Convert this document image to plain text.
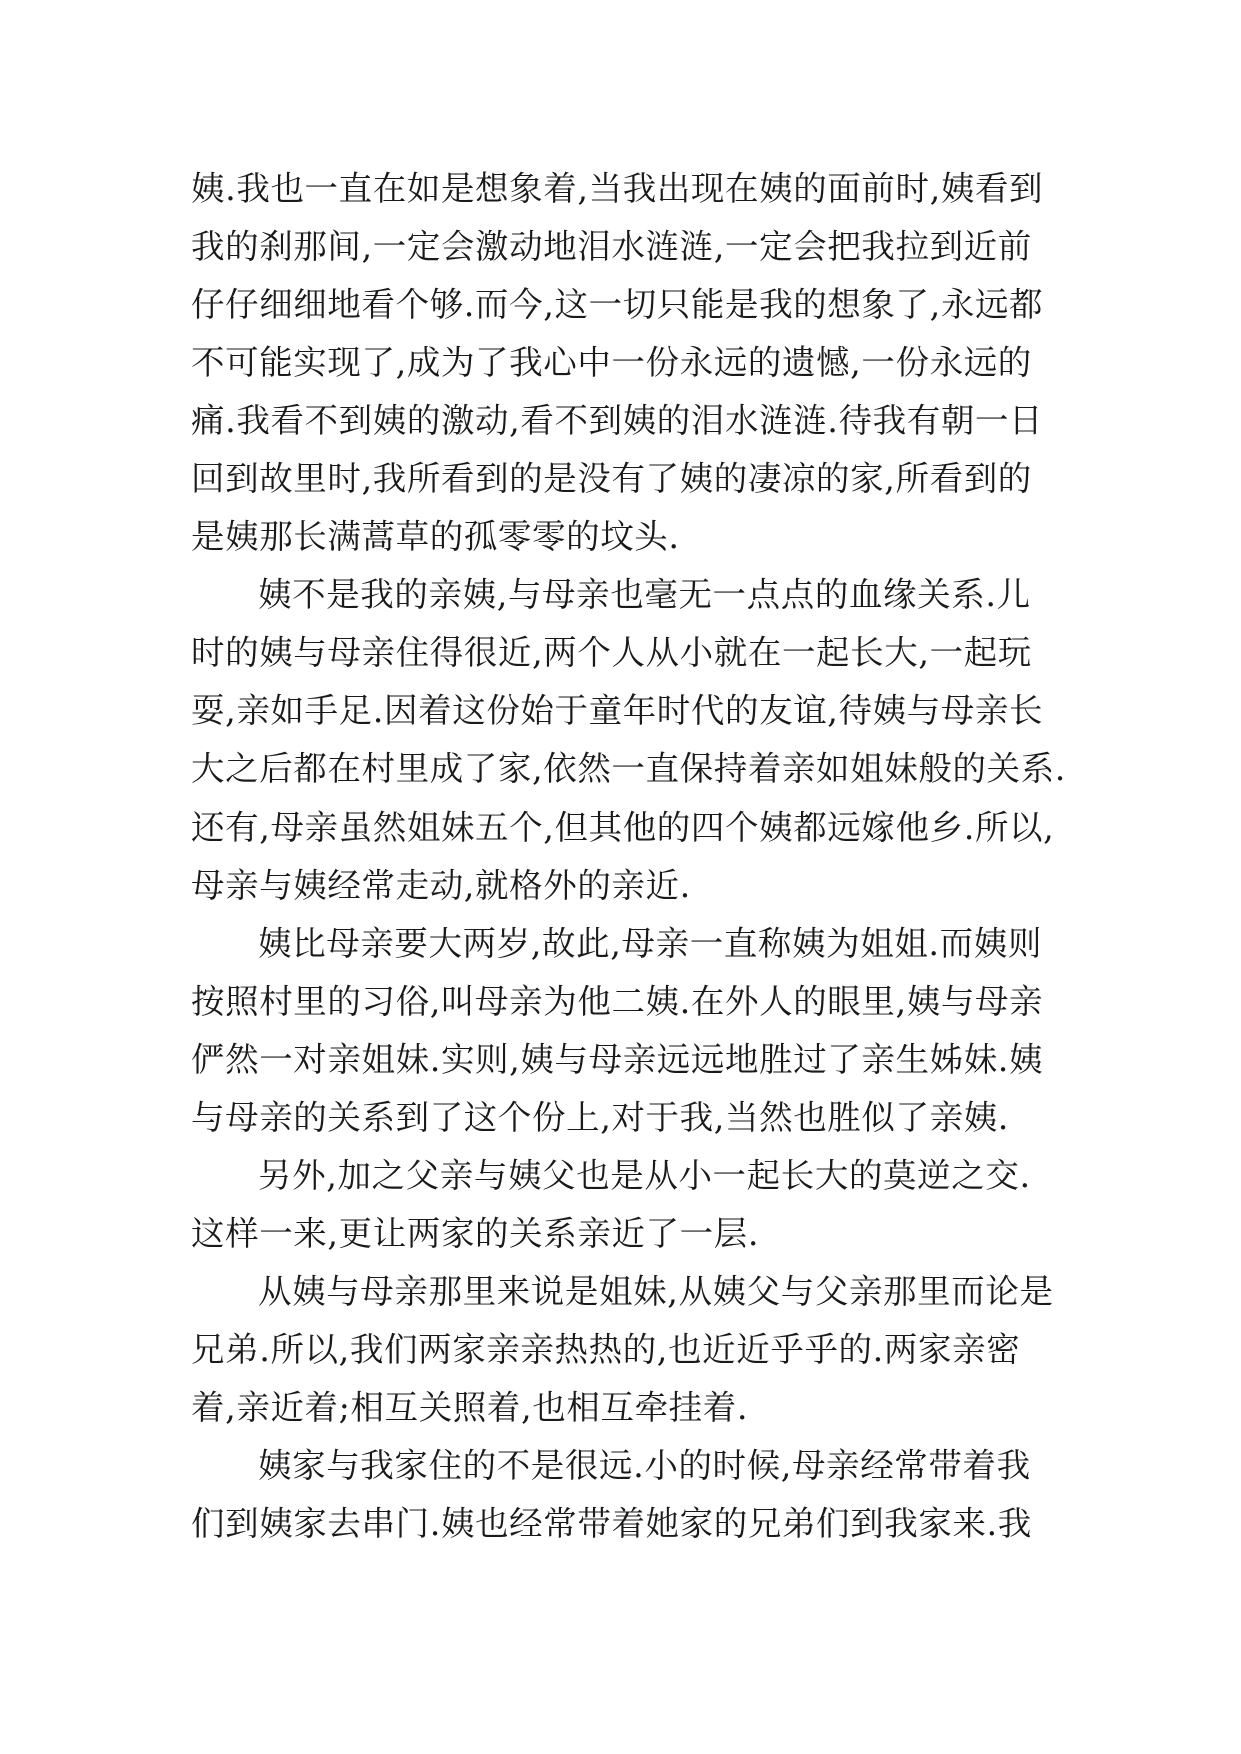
姨.我也一直在如是想象着,当我出现在姨的面前时,姨看到
我的刹那间,一定会激动地泪水涟涟,一定会把我拉到近前
仔仔细细地看个够.而今,这一切只能是我的想象了,永远都
不可能实现了,成为了我心中一份永远的遗憾,一份永远的
痛.我看不到姨的激动,看不到姨的泪水涟涟.待我有朝一日
回到故里时,我所看到的是没有了姨的凄凉的家,所看到的
是姨那长满蒿草的孤零零的坟头.
姨不是我的亲姨,与母亲也毫无一点点的血缘关系.儿
时的姨与母亲住得很近,两个人从小就在一起长大,一起玩
耍,亲如手足.因着这份始于童年时代的友谊,待姨与母亲长
大之后都在村里成了家,依然一直保持着亲如姐妹般的关系.
还有,母亲虽然姐妹五个,但其他的四个姨都远嫁他乡.所以,
母亲与姨经常走动,就格外的亲近.
姨比母亲要大两岁,故此,母亲一直称姨为姐姐.而姨则
按照村里的习俗,叫母亲为他二姨.在外人的眼里,姨与母亲
俨然一对亲姐妹.实则,姨与母亲远远地胜过了亲生姊妹.姨
与母亲的关系到了这个份上,对于我,当然也胜似了亲姨.
另外,加之父亲与姨父也是从小一起长大的莫逆之交.
这样一来,更让两家的关系亲近了一层.
从姨与母亲那里来说是姐妹,从姨父与父亲那里而论是
兄弟.所以,我们两家亲亲热热的,也近近乎乎的.两家亲密
着,亲近着;相互关照着,也相互牵挂着.
姨家与我家住的不是很远.小的时候,母亲经常带着我
们到姨家去串门.姨也经常带着她家的兄弟们到我家来.我
